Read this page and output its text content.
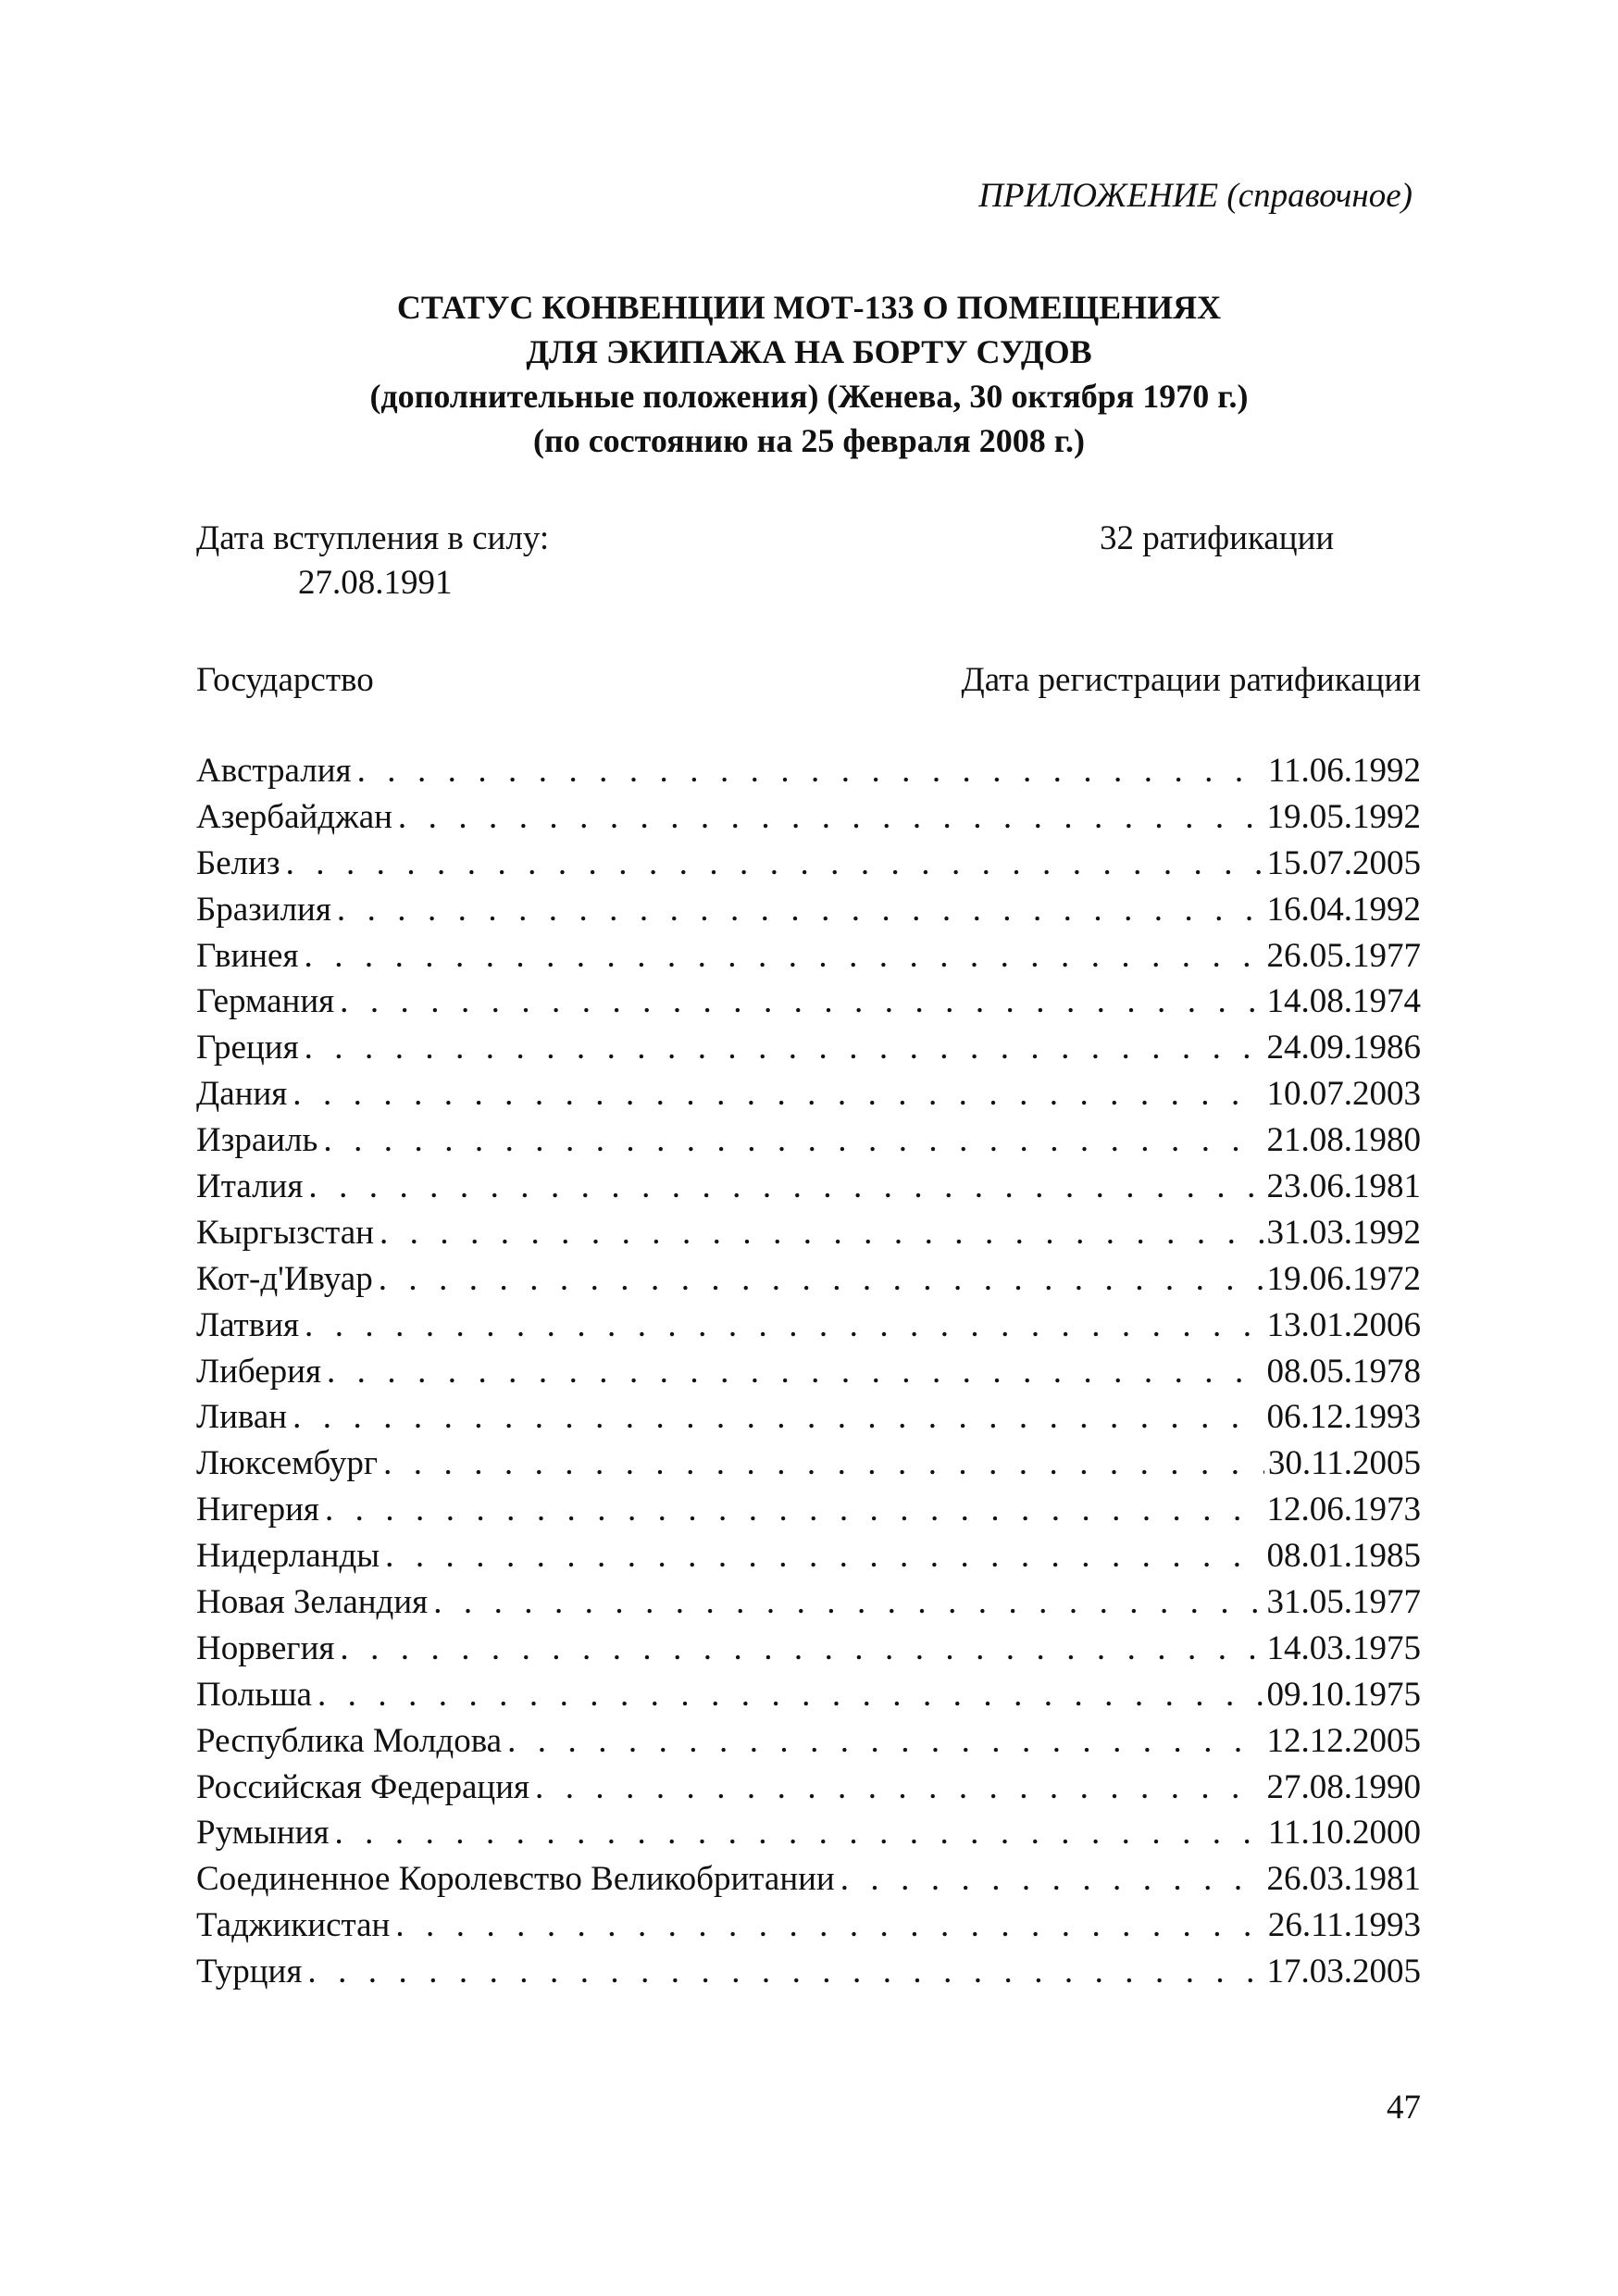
ПРИЛОЖЕНИЕ (справочное)
СТАТУС КОНВЕНЦИИ МОТ-133 О ПОМЕЩЕНИЯХ
ДЛЯ ЭКИПАЖА НА БОРТУ СУДОВ
(дополнительные положения) (Женева, 30 октября 1970 г.)
(по состоянию на 25 февраля 2008 г.)
Дата вступления в силу:
27.08.1991
32 ратификации
Государство	Дата регистрации ратификации
Австралия . . .	11.06.1992
Азербайджан . . .	19.05.1992
Белиз . . .	15.07.2005
Бразилия . . .	16.04.1992
Гвинея . . .	26.05.1977
Германия . . .	14.08.1974
Греция . . .	24.09.1986
Дания . . .	10.07.2003
Израиль . . .	21.08.1980
Италия . . .	23.06.1981
Кыргызстан . . .	31.03.1992
Кот-д'Ивуар . . .	19.06.1972
Латвия . . .	13.01.2006
Либерия . . .	08.05.1978
Ливан . . .	06.12.1993
Люксембург . . .	30.11.2005
Нигерия . . .	12.06.1973
Нидерланды . . .	08.01.1985
Новая Зеландия . . .	31.05.1977
Норвегия . . .	14.03.1975
Польша . . .	09.10.1975
Республика Молдова . . .	12.12.2005
Российская Федерация . . .	27.08.1990
Румыния . . .	11.10.2000
Соединенное Королевство Великобритании . . .	26.03.1981
Таджикистан . . .	26.11.1993
Турция . . .	17.03.2005
47
